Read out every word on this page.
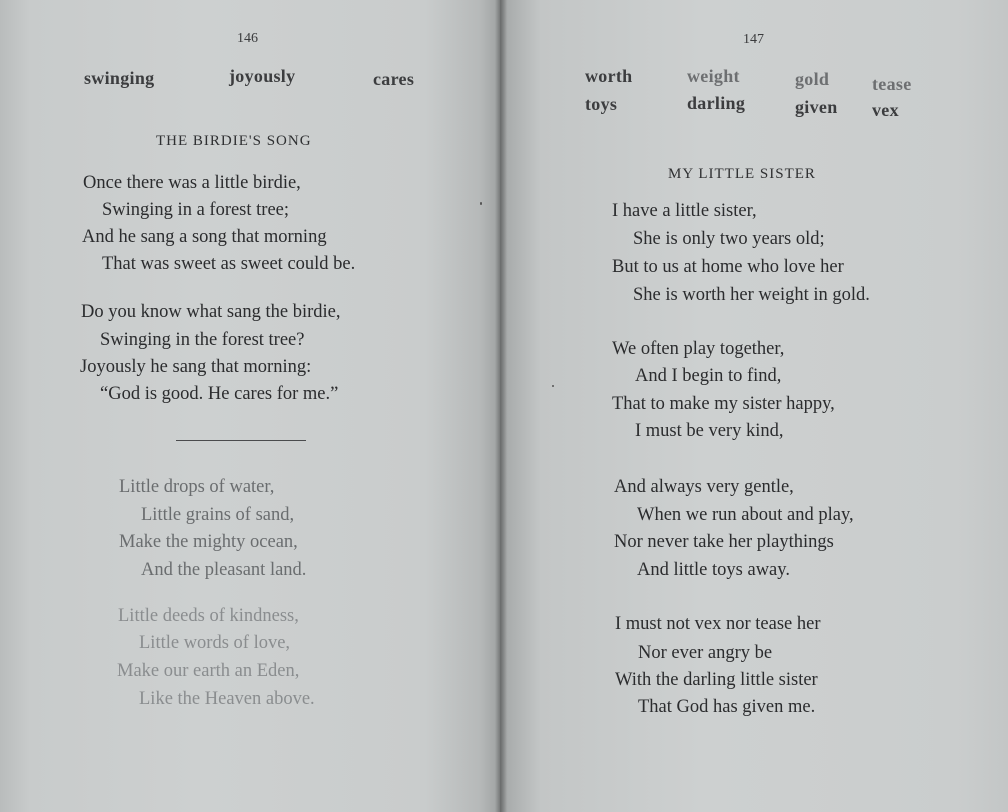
146
swinging	joyously	cares
THE BIRDIE'S SONG
Once there was a little birdie,
Swinging in a forest tree;
And he sang a song that morning
That was sweet as sweet could be.
Do you know what sang the birdie,
Swinging in the forest tree?
Joyously he sang that morning:
“God is good. He cares for me.”
Little drops of water,
Little grains of sand,
Make the mighty ocean,
And the pleasant land.
Little deeds of kindness,
Little words of love,
Make our earth an Eden,
Like the Heaven above.
147
worth	weight	gold tease
toys	darling	given vex
MY LITTLE SISTER
I have a little sister,
She is only two years old;
But to us at home who love her
She is worth her weight in gold.
We often play together,
And I begin to find,
That to make my sister happy,
I must be very kind,
And always very gentle,
When we run about and play,
Nor never take her playthings
And little toys away.
I must not vex nor tease her
Nor ever angry be
With the darling little sister
That God has given me.
